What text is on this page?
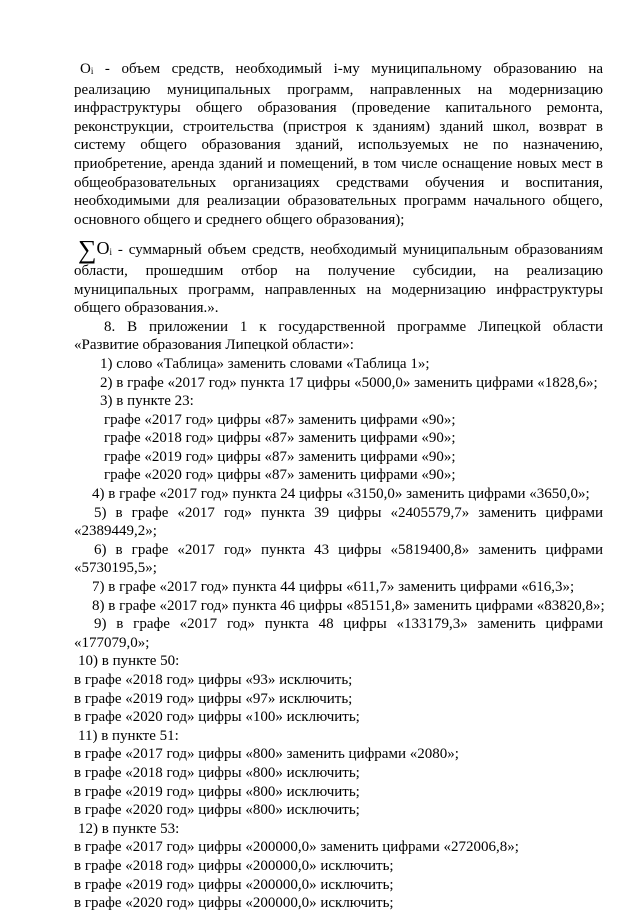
Oi - объем средств, необходимый i-му муниципальному образованию на реализацию муниципальных программ, направленных на модернизацию инфраструктуры общего образования (проведение капитального ремонта, реконструкции, строительства (пристроя к зданиям) зданий школ, возврат в систему общего образования зданий, используемых не по назначению, приобретение, аренда зданий и помещений, в том числе оснащение новых мест в общеобразовательных организациях средствами обучения и воспитания, необходимыми для реализации образовательных программ начального общего, основного общего и среднего общего образования);

∑Oi - суммарный объем средств, необходимый муниципальным образованиям области, прошедшим отбор на получение субсидии, на реализацию муниципальных программ, направленных на модернизацию инфраструктуры общего образования.».

8. В приложении 1 к государственной программе Липецкой области «Развитие образования Липецкой области»:

1) слово «Таблица» заменить словами «Таблица 1»;

2) в графе «2017 год» пункта 17 цифры «5000,0» заменить цифрами «1828,6»;

3) в пункте 23:

графе «2017 год» цифры «87» заменить цифрами «90»;

графе «2018 год» цифры «87» заменить цифрами «90»;

графе «2019 год» цифры «87» заменить цифрами «90»;

графе «2020 год» цифры «87» заменить цифрами «90»;

4) в графе «2017 год» пункта 24 цифры «3150,0» заменить цифрами «3650,0»;

5) в графе «2017 год» пункта 39 цифры «2405579,7» заменить цифрами «2389449,2»;

6) в графе «2017 год» пункта 43 цифры «5819400,8» заменить цифрами «5730195,5»;

7) в графе «2017 год» пункта 44 цифры «611,7» заменить цифрами «616,3»;

8) в графе «2017 год» пункта 46 цифры «85151,8» заменить цифрами «83820,8»;

9) в графе «2017 год» пункта 48 цифры «133179,3» заменить цифрами «177079,0»;

10) в пункте 50:

в графе «2018 год» цифры «93» исключить;

в графе «2019 год» цифры «97» исключить;

в графе «2020 год» цифры «100» исключить;

11) в пункте 51:

в графе «2017 год» цифры «800» заменить цифрами «2080»;

в графе «2018 год» цифры «800» исключить;

в графе «2019 год» цифры «800» исключить;

в графе «2020 год» цифры «800» исключить;

12) в пункте 53:

в графе «2017 год» цифры «200000,0» заменить цифрами «272006,8»;

в графе «2018 год» цифры «200000,0» исключить;

в графе «2019 год» цифры «200000,0» исключить;

в графе «2020 год» цифры «200000,0» исключить;
